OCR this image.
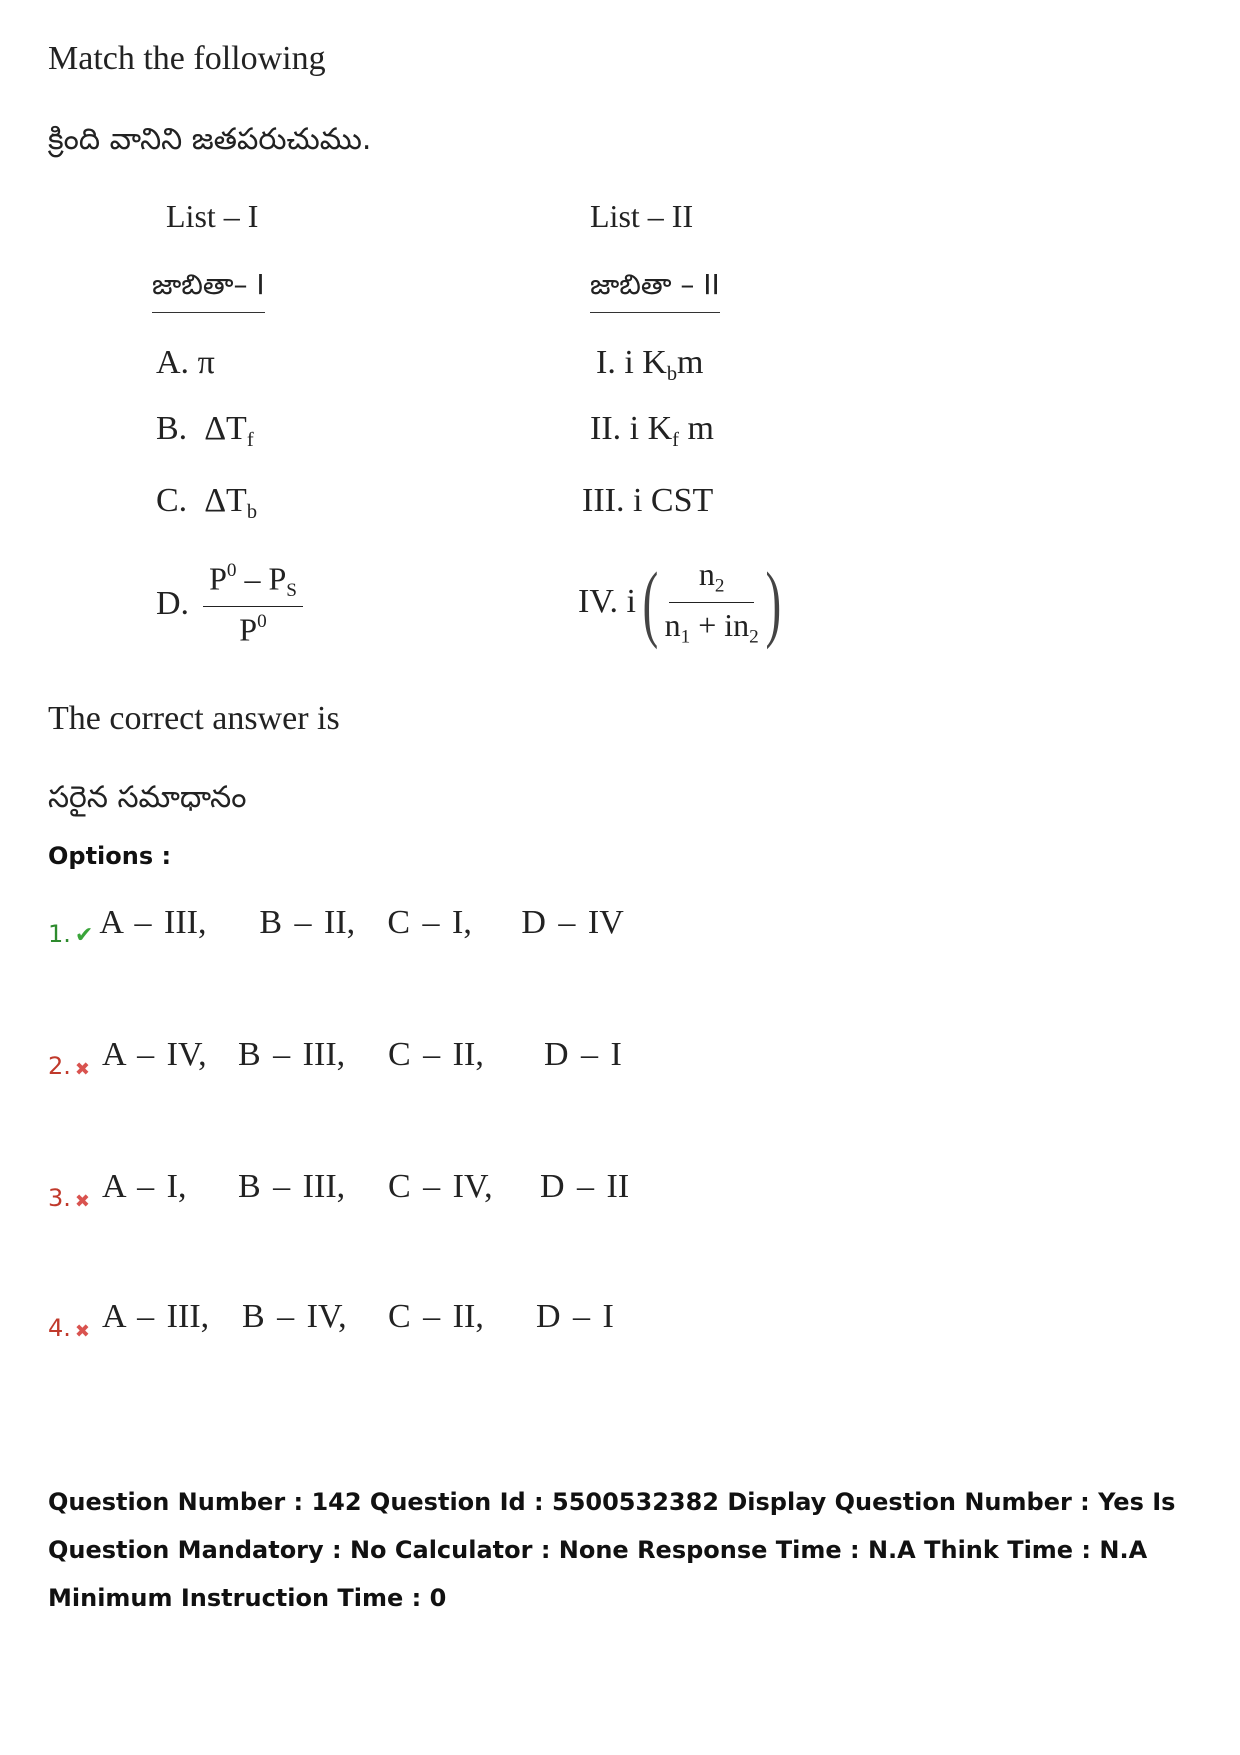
Match the following
క్రింది వానిని జతపరుచుము.
List – I	List – II
జాబితా– I	జాబితా – II
A. π
B. $\Delta T_f$
C. $\Delta T_b$
D. $\frac{P^0 - P_S}{P^0}$
I. i $K_bm$
II. i $K_f$ m
III. i CST
IV. i ( $\frac{n_2}{n_1 + in_2}$ )
The correct answer is
సరైన సమాధానం
Options :
1. ✔ A – III, B – II, C – I, D – IV
2. ✖ A – IV, B – III, C – II, D – I
3. ✖ A – I, B – III, C – IV, D – II
4. ✖ A – III, B – IV, C – II, D – I
Question Number : 142 Question Id : 5500532382 Display Question Number : Yes Is Question Mandatory : No Calculator : None Response Time : N.A Think Time : N.A Minimum Instruction Time : 0
